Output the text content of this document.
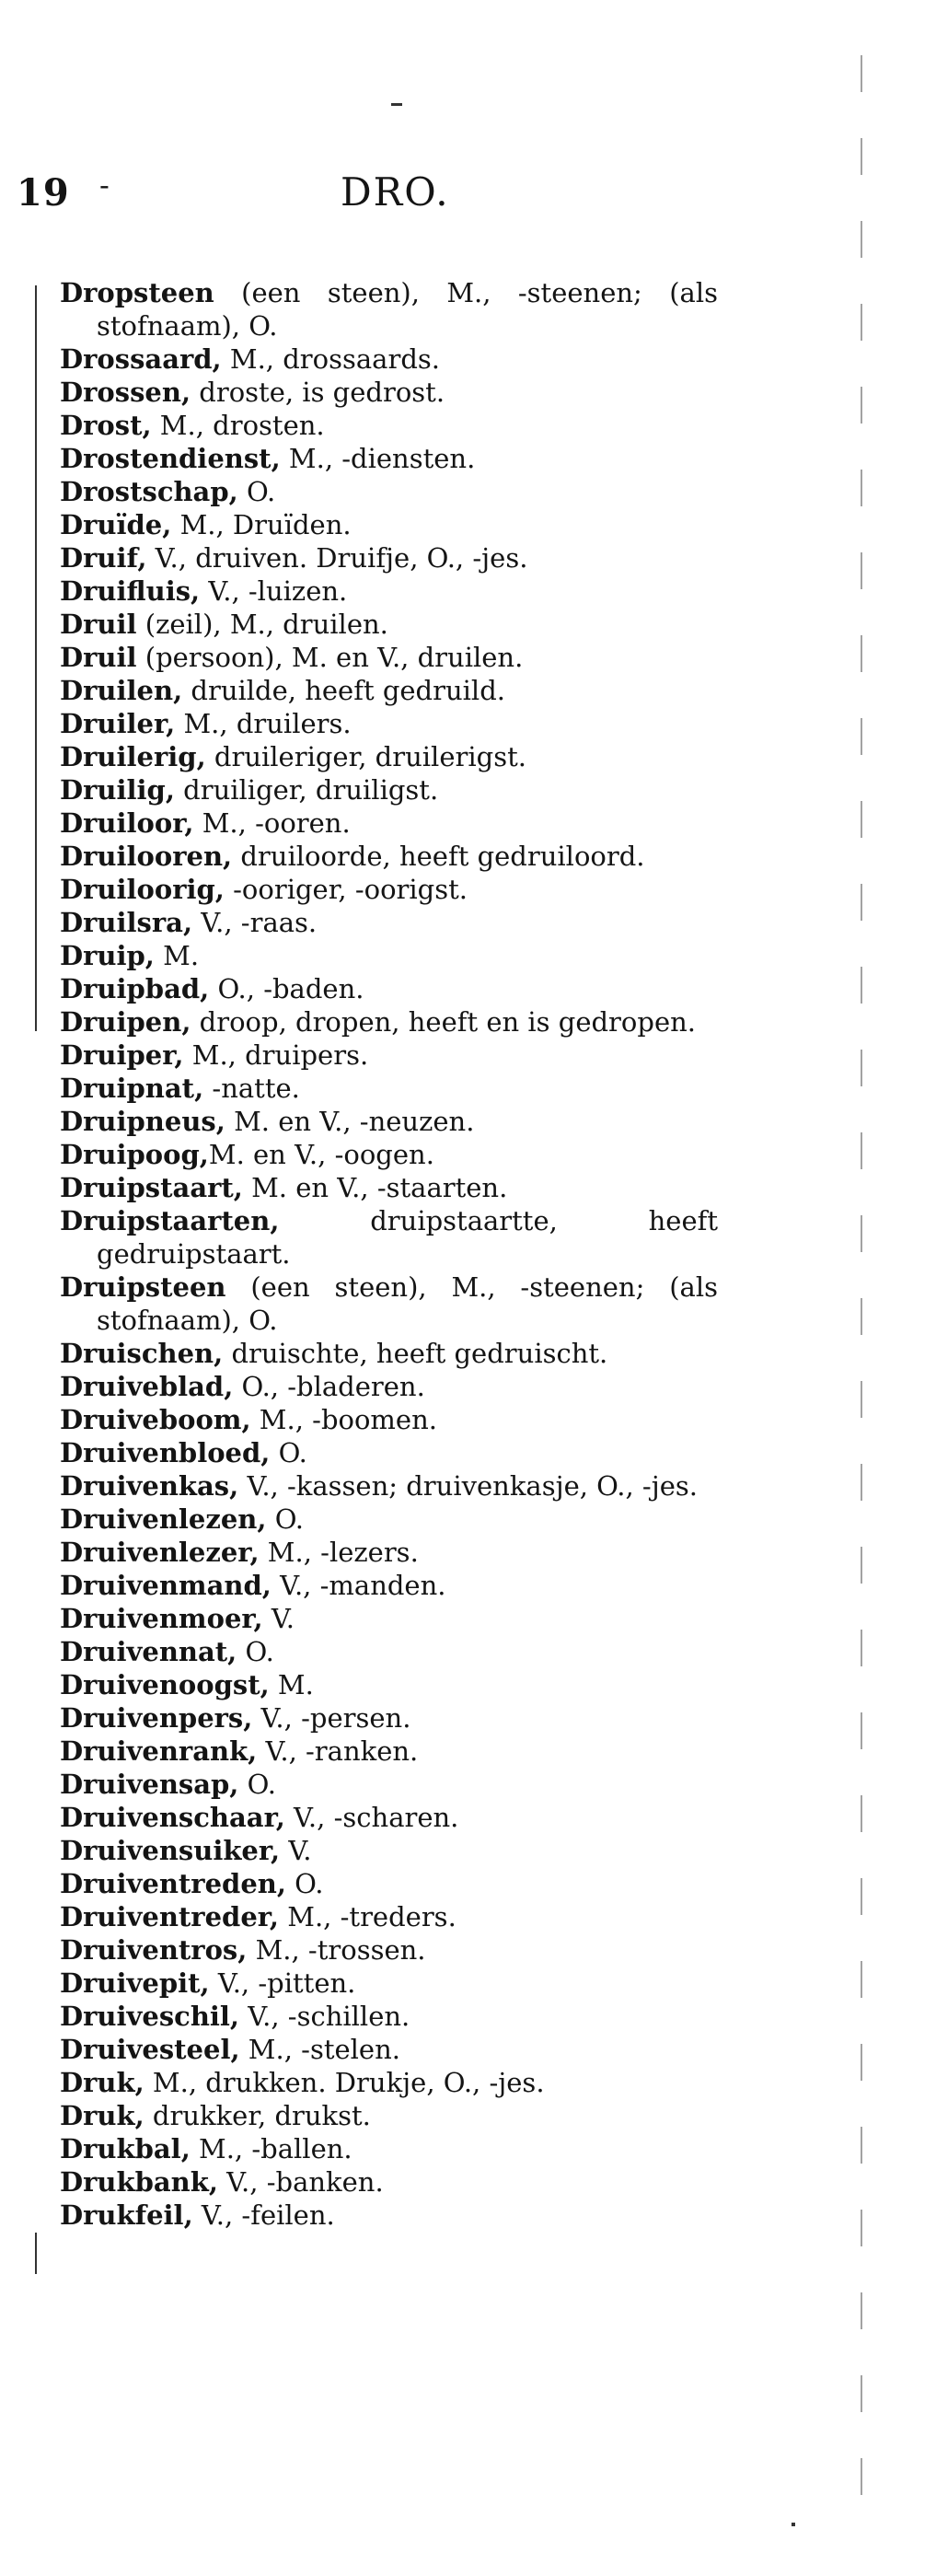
19 -	DRO.
Dropsteen (een steen), M., -steenen; (als stofnaam), O.
Drossaard, M., drossaards.
Drossen, droste, is gedrost.
Drost, M., drosten.
Drostendienst, M., -diensten.
Drostschap, O.
Druïde, M., Druïden.
Druif, V., druiven. Druifje, O., -jes.
Druifluis, V., -luizen.
Druil (zeil), M., druilen.
Druil (persoon), M. en V., druilen.
Druilen, druilde, heeft gedruild.
Druiler, M., druilers.
Druilerig, druileriger, druilerigst.
Druilig, druiliger, druiligst.
Druiloor, M., -ooren.
Druilooren, druiloorde, heeft gedruiloord.
Druiloorig, -ooriger, -oorigst.
Druilsra, V., -raas.
Druip, M.
Druipbad, O., -baden.
Druipen, droop, dropen, heeft en is gedropen.
Druiper, M., druipers.
Druipnat, -natte.
Druipneus, M. en V., -neuzen.
Druipoog,M. en V., -oogen.
Druipstaart, M. en V., -staarten.
Druipstaarten, druipstaartte, heeft gedruipstaart.
Druipsteen (een steen), M., -steenen; (als stofnaam), O.
Druischen, druischte, heeft gedruischt.
Druiveblad, O., -bladeren.
Druiveboom, M., -boomen.
Druivenbloed, O.
Druivenkas, V., -kassen; druivenkasje, O., -jes.
Druivenlezen, O.
Druivenlezer, M., -lezers.
Druivenmand, V., -manden.
Druivenmoer, V.
Druivennat, O.
Druivenoogst, M.
Druivenpers, V., -persen.
Druivenrank, V., -ranken.
Druivensap, O.
Druivenschaar, V., -scharen.
Druivensuiker, V.
Druiventreden, O.
Druiventreder, M., -treders.
Druiventros, M., -trossen.
Druivepit, V., -pitten.
Druiveschil, V., -schillen.
Druivesteel, M., -stelen.
Druk, M., drukken. Drukje, O., -jes.
Druk, drukker, drukst.
Drukbal, M., -ballen.
Drukbank, V., -banken.
Drukfeil, V., -feilen.
